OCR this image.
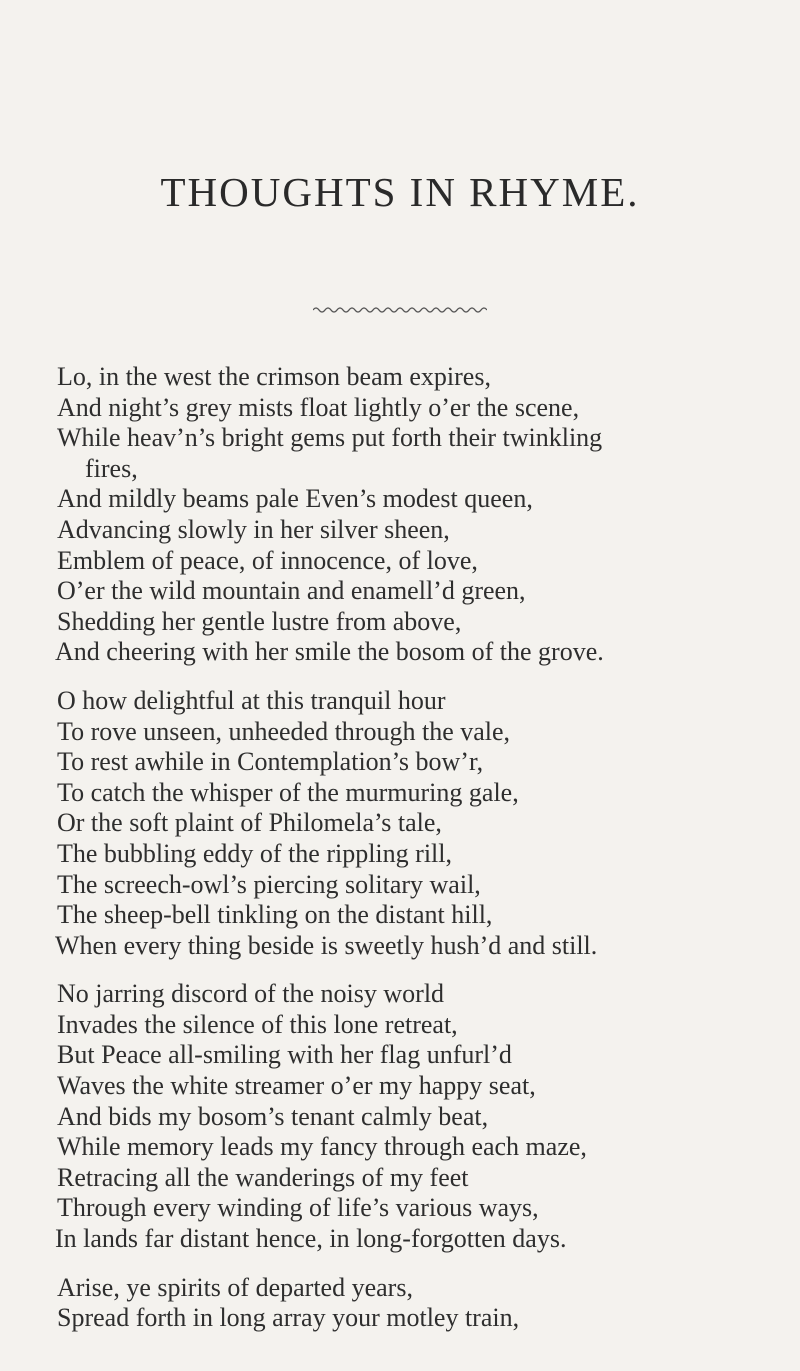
THOUGHTS IN RHYME.
Lo, in the west the crimson beam expires,
And night’s grey mists float lightly o’er the scene,
While heav’n’s bright gems put forth their twinkling
fires,
And mildly beams pale Even’s modest queen,
Advancing slowly in her silver sheen,
Emblem of peace, of innocence, of love,
O’er the wild mountain and enamell’d green,
Shedding her gentle lustre from above,
And cheering with her smile the bosom of the grove.
O how delightful at this tranquil hour
To rove unseen, unheeded through the vale,
To rest awhile in Contemplation’s bow’r,
To catch the whisper of the murmuring gale,
Or the soft plaint of Philomela’s tale,
The bubbling eddy of the rippling rill,
The screech-owl’s piercing solitary wail,
The sheep-bell tinkling on the distant hill,
When every thing beside is sweetly hush’d and still.
No jarring discord of the noisy world
Invades the silence of this lone retreat,
But Peace all-smiling with her flag unfurl’d
Waves the white streamer o’er my happy seat,
And bids my bosom’s tenant calmly beat,
While memory leads my fancy through each maze,
Retracing all the wanderings of my feet
Through every winding of life’s various ways,
In lands far distant hence, in long-forgotten days.
Arise, ye spirits of departed years,
Spread forth in long array your motley train,
